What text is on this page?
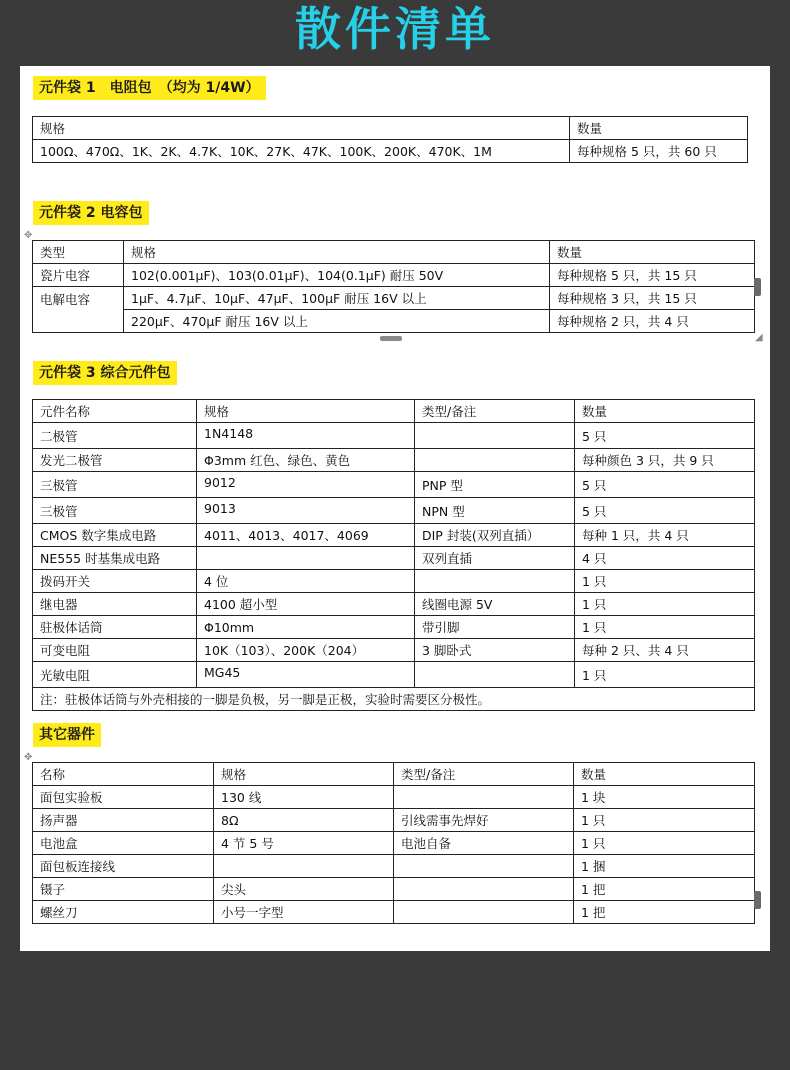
散件清单
元件袋 1　电阻包　（均为 1/4W）
规格	数量
100Ω、470Ω、1K、2K、4.7K、10K、27K、47K、100K、200K、470K、1M	每种规格 5 只，共 60 只
元件袋 2 电容包
✥
类型	规格	数量
瓷片电容	102(0.001μF)、103(0.01μF)、104(0.1μF) 耐压 50V	每种规格 5 只，共 15 只
电解电容	1μF、4.7μF、10μF、47μF、100μF 耐压 16V 以上	每种规格 3 只，共 15 只
	220μF、470μF 耐压 16V 以上	每种规格 2 只，共 4 只
◢
元件袋 3 综合元件包
元件名称	规格	类型/备注	数量
二极管	1N4148		5 只
发光二极管	Φ3mm 红色、绿色、黄色		每种颜色 3 只，共 9 只
三极管	9012	PNP 型	5 只
三极管	9013	NPN 型	5 只
CMOS 数字集成电路	4011、4013、4017、4069	DIP 封装(双列直插）	每种 1 只，共 4 只
NE555 时基集成电路		双列直插	4 只
拨码开关	4 位		1 只
继电器	4100 超小型	线圈电源 5V	1 只
驻极体话筒	Φ10mm	带引脚	1 只
可变电阻	10K（103）、200K（204）	3 脚卧式	每种 2 只、共 4 只
光敏电阻	MG45		1 只
注：驻极体话筒与外壳相接的一脚是负极，另一脚是正极，实验时需要区分极性。			
其它器件
✥
名称	规格	类型/备注	数量
面包实验板	130 线		1 块
扬声器	8Ω	引线需事先焊好	1 只
电池盒	4 节 5 号	电池自备	1 只
面包板连接线			1 捆
镊子	尖头		1 把
螺丝刀	小号一字型		1 把
